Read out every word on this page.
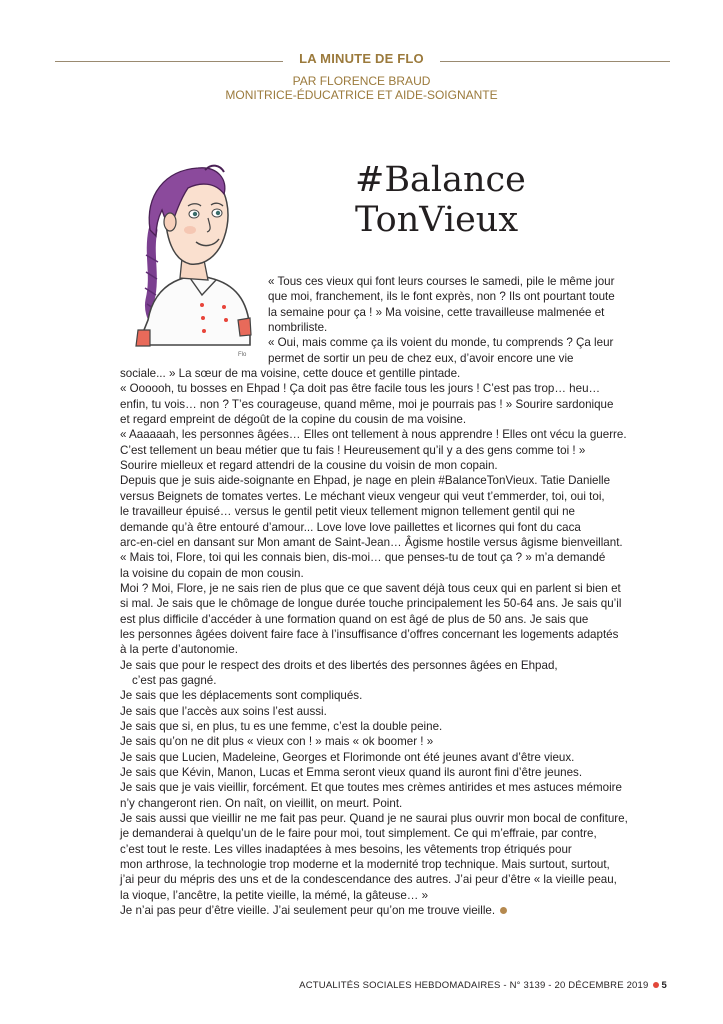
LA MINUTE DE FLO
PAR FLORENCE BRAUD
MONITRICE-ÉDUCATRICE ET AIDE-SOIGNANTE
#Balance
TonVieux
Flo
« Tous ces vieux qui font leurs courses le samedi, pile le même jour
que moi, franchement, ils le font exprès, non ? Ils ont pourtant toute
la semaine pour ça ! » Ma voisine, cette travailleuse malmenée et
nombriliste.
« Oui, mais comme ça ils voient du monde, tu comprends ? Ça leur
permet de sortir un peu de chez eux, d’avoir encore une vie
sociale... » La sœur de ma voisine, cette douce et gentille pintade.
« Oooooh, tu bosses en Ehpad ! Ça doit pas être facile tous les jours ! C’est pas trop… heu…
enfin, tu vois… non ? T’es courageuse, quand même, moi je pourrais pas ! » Sourire sardonique
et regard empreint de dégoût de la copine du cousin de ma voisine.
« Aaaaaah, les personnes âgées… Elles ont tellement à nous apprendre ! Elles ont vécu la guerre.
C’est tellement un beau métier que tu fais ! Heureusement qu’il y a des gens comme toi ! »
Sourire mielleux et regard attendri de la cousine du voisin de mon copain.
Depuis que je suis aide-soignante en Ehpad, je nage en plein #BalanceTonVieux. Tatie Danielle
versus Beignets de tomates vertes. Le méchant vieux vengeur qui veut t’emmerder, toi, oui toi,
le travailleur épuisé… versus le gentil petit vieux tellement mignon tellement gentil qui ne
demande qu’à être entouré d’amour... Love love love paillettes et licornes qui font du caca
arc-en-ciel en dansant sur Mon amant de Saint-Jean… Âgisme hostile versus âgisme bienveillant.
« Mais toi, Flore, toi qui les connais bien, dis-moi… que penses-tu de tout ça ? » m’a demandé
la voisine du copain de mon cousin.
Moi ? Moi, Flore, je ne sais rien de plus que ce que savent déjà tous ceux qui en parlent si bien et
si mal. Je sais que le chômage de longue durée touche principalement les 50-64 ans. Je sais qu’il
est plus difficile d’accéder à une formation quand on est âgé de plus de 50 ans. Je sais que
les personnes âgées doivent faire face à l’insuffisance d’offres concernant les logements adaptés
à la perte d’autonomie.
Je sais que pour le respect des droits et des libertés des personnes âgées en Ehpad,
c’est pas gagné.
Je sais que les déplacements sont compliqués.
Je sais que l’accès aux soins l’est aussi.
Je sais que si, en plus, tu es une femme, c’est la double peine.
Je sais qu’on ne dit plus « vieux con ! » mais « ok boomer ! »
Je sais que Lucien, Madeleine, Georges et Florimonde ont été jeunes avant d’être vieux.
Je sais que Kévin, Manon, Lucas et Emma seront vieux quand ils auront fini d’être jeunes.
Je sais que je vais vieillir, forcément. Et que toutes mes crèmes antirides et mes astuces mémoire
n’y changeront rien. On naît, on vieillit, on meurt. Point.
Je sais aussi que vieillir ne me fait pas peur. Quand je ne saurai plus ouvrir mon bocal de confiture,
je demanderai à quelqu’un de le faire pour moi, tout simplement. Ce qui m’effraie, par contre,
c’est tout le reste. Les villes inadaptées à mes besoins, les vêtements trop étriqués pour
mon arthrose, la technologie trop moderne et la modernité trop technique. Mais surtout, surtout,
j’ai peur du mépris des uns et de la condescendance des autres. J’ai peur d’être « la vieille peau,
la vioque, l’ancêtre, la petite vieille, la mémé, la gâteuse… »
Je n’ai pas peur d’être vieille. J’ai seulement peur qu’on me trouve vieille.
ACTUALITÉS SOCIALES HEBDOMADAIRES - N° 3139 - 20 DÉCEMBRE 2019 5
